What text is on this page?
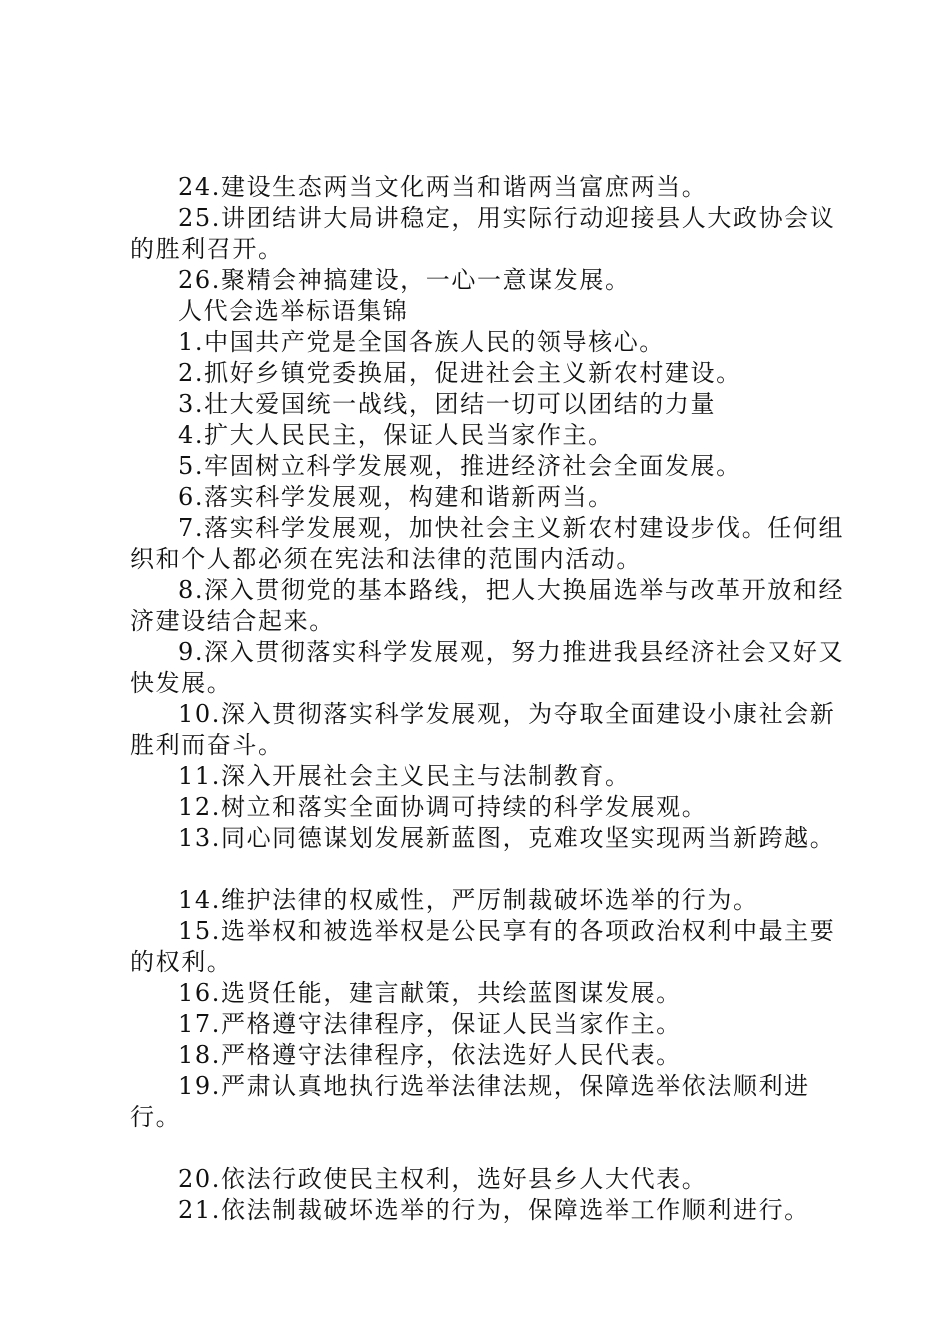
24.建设生态两当文化两当和谐两当富庶两当。

25.讲团结讲大局讲稳定，用实际行动迎接县人大政协会议的胜利召开。

26.聚精会神搞建设，一心一意谋发展。

人代会选举标语集锦

1.中国共产党是全国各族人民的领导核心。

2.抓好乡镇党委换届，促进社会主义新农村建设。

3.壮大爱国统一战线，团结一切可以团结的力量

4.扩大人民民主，保证人民当家作主。

5.牢固树立科学发展观，推进经济社会全面发展。

6.落实科学发展观，构建和谐新两当。

7.落实科学发展观，加快社会主义新农村建设步伐。任何组织和个人都必须在宪法和法律的范围内活动。

8.深入贯彻党的基本路线，把人大换届选举与改革开放和经济建设结合起来。

9.深入贯彻落实科学发展观，努力推进我县经济社会又好又快发展。

10.深入贯彻落实科学发展观，为夺取全面建设小康社会新胜利而奋斗。

11.深入开展社会主义民主与法制教育。

12.树立和落实全面协调可持续的科学发展观。

13.同心同德谋划发展新蓝图，克难攻坚实现两当新跨越。

14.维护法律的权威性，严厉制裁破坏选举的行为。

15.选举权和被选举权是公民享有的各项政治权利中最主要的权利。

16.选贤任能，建言献策，共绘蓝图谋发展。

17.严格遵守法律程序，保证人民当家作主。

18.严格遵守法律程序，依法选好人民代表。

19.严肃认真地执行选举法律法规，保障选举依法顺利进行。

20.依法行政使民主权利，选好县乡人大代表。

21.依法制裁破坏选举的行为，保障选举工作顺利进行。
